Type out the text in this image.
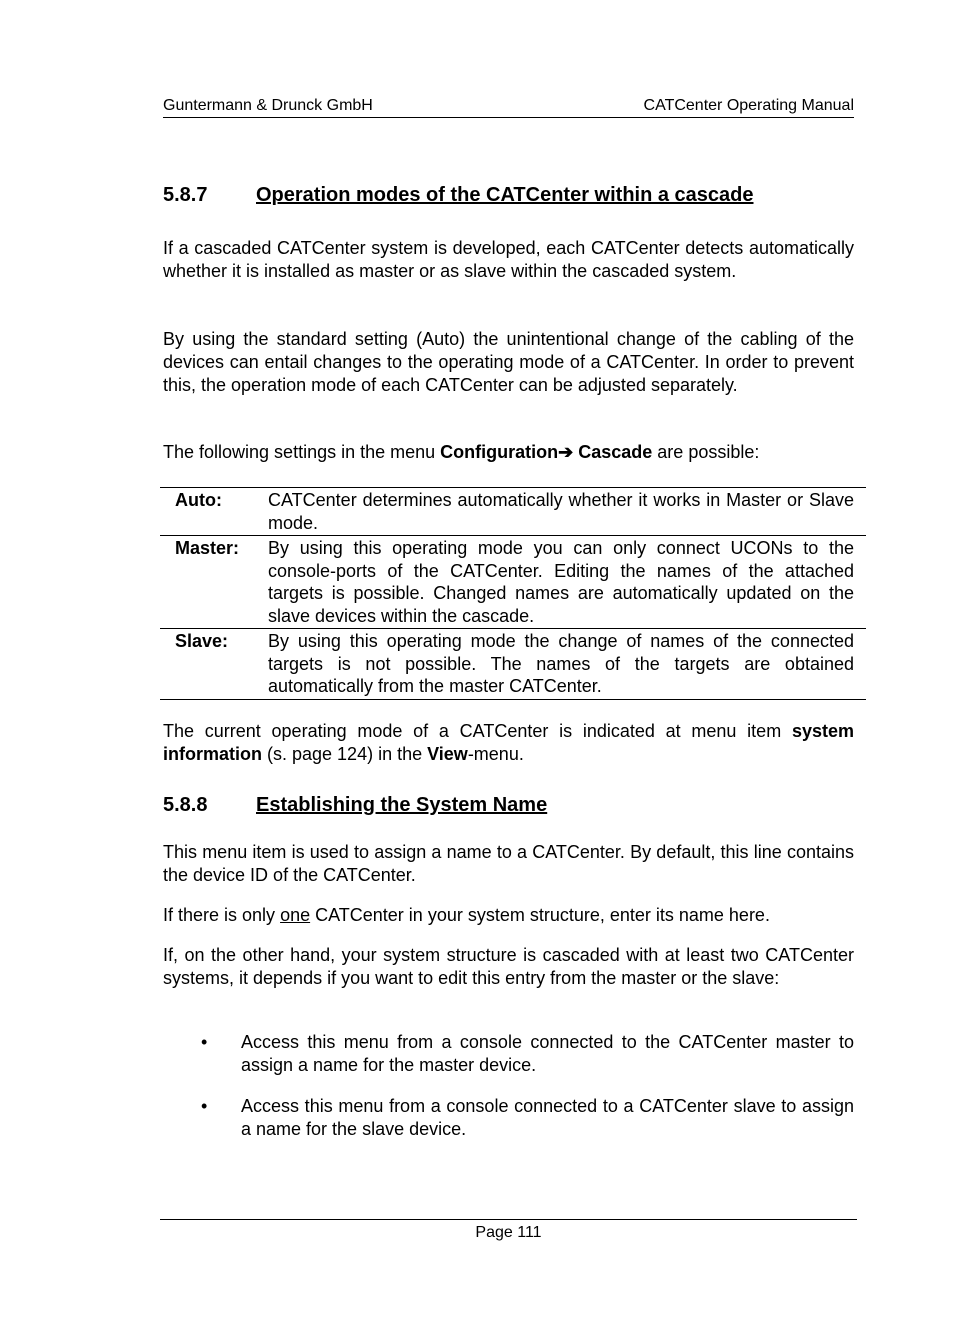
Guntermann & Drunck GmbH	CATCenter Operating Manual
5.8.7 Operation modes of the CATCenter within a cascade

If a cascaded CATCenter system is developed, each CATCenter detects automatically whether it is installed as master or as slave within the cascaded system.

By using the standard setting (Auto) the unintentional change of the cabling of the devices can entail changes to the operating mode of a CATCenter. In order to prevent this, the operation mode of each CATCenter can be adjusted separately.

The following settings in the menu Configuration➔ Cascade are possible:

Auto:	CATCenter determines automatically whether it works in Master or Slave mode.
Master:	By using this operating mode you can only connect UCONs to the console-ports of the CATCenter. Editing the names of the attached targets is possible. Changed names are automatically updated on the slave devices within the cascade.
Slave:	By using this operating mode the change of names of the connected targets is not possible. The names of the targets are obtained automatically from the master CATCenter.

The current operating mode of a CATCenter is indicated at menu item system information (s. page 124) in the View-menu.

5.8.8 Establishing the System Name

This menu item is used to assign a name to a CATCenter. By default, this line contains the device ID of the CATCenter.

If there is only one CATCenter in your system structure, enter its name here.

If, on the other hand, your system structure is cascaded with at least two CATCenter systems, it depends if you want to edit this entry from the master or the slave:

• Access this menu from a console connected to the CATCenter master to assign a name for the master device.
• Access this menu from a console connected to a CATCenter slave to assign a name for the slave device.
Page 111
